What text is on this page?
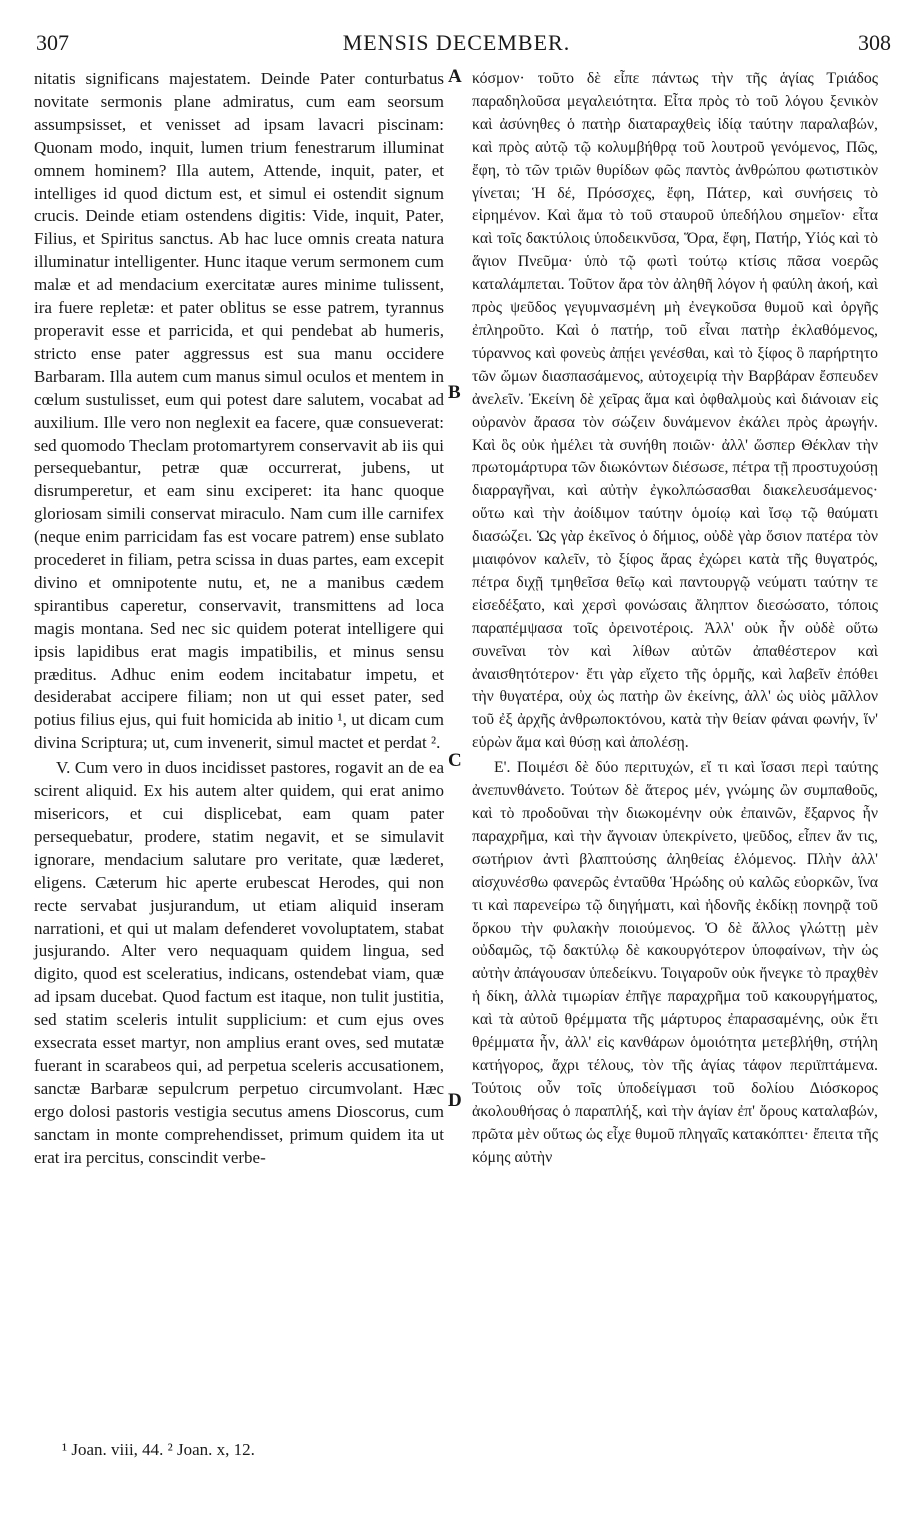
307	MENSIS DECEMBER.	308

nitatis significans majestatem. Deinde Pater conturbatus novitate sermonis plane admiratus, cum eam seorsum assumpsisset, et venisset ad ipsam lavacri piscinam: Quonam modo, inquit, lumen trium fenestrarum illuminat omnem hominem? Illa autem, Attende, inquit, pater, et intelliges id quod dictum est, et simul ei ostendit signum crucis. Deinde etiam ostendens digitis: Vide, inquit, Pater, Filius, et Spiritus sanctus. Ab hac luce omnis creata natura illuminatur intelligenter. Hunc itaque verum sermonem cum malæ et ad mendacium exercitatæ aures minime tulissent, ira fuere repletæ: et pater oblitus se esse patrem, tyrannus properavit esse et parricida, et qui pendebat ab humeris, stricto ense pater aggressus est sua manu occidere Barbaram. Illa autem cum manus simul oculos et mentem in cœlum sustulisset, eum qui potest dare salutem, vocabat ad auxilium. Ille vero non neglexit ea facere, quæ consueverat: sed quomodo Theclam protomartyrem conservavit ab iis qui persequebantur, petræ quæ occurrerat, jubens, ut disrumperetur, et eam sinu exciperet: ita hanc quoque gloriosam simili conservat miraculo. Nam cum ille carnifex (neque enim parricidam fas est vocare patrem) ense sublato procederet in filiam, petra scissa in duas partes, eam excepit divino et omnipotente nutu, et, ne a manibus cædem spirantibus caperetur, conservavit, transmittens ad loca magis montana. Sed nec sic quidem poterat intelligere qui ipsis lapidibus erat magis impatibilis, et minus sensu præditus. Adhuc enim eodem incitabatur impetu, et desiderabat accipere filiam; non ut qui esset pater, sed potius filius ejus, qui fuit homicida ab initio ¹, ut dicam cum divina Scriptura; ut, cum invenerit, simul mactet et perdat ².

V. Cum vero in duos incidisset pastores, rogavit an de ea scirent aliquid. Ex his autem alter quidem, qui erat animo misericors, et cui displicebat, eam quam pater persequebatur, prodere, statim negavit, et se simulavit ignorare, mendacium salutare pro veritate, quæ læderet, eligens. Cæterum hic aperte erubescat Herodes, qui non recte servabat jusjurandum, ut etiam aliquid inseram narrationi, et qui ut malam defenderet vovoluptatem, stabat jusjurando. Alter vero nequaquam quidem lingua, sed digito, quod est sceleratius, indicans, ostendebat viam, quæ ad ipsam ducebat. Quod factum est itaque, non tulit justitia, sed statim sceleris intulit supplicium: et cum ejus oves exsecrata esset martyr, non amplius erant oves, sed mutatæ fuerant in scarabeos qui, ad perpetua sceleris accusationem, sanctæ Barbaræ sepulcrum perpetuo circumvolant. Hæc ergo dolosi pastoris vestigia secutus amens Dioscorus, cum sanctam in monte comprehendisset, primum quidem ita ut erat ira percitus, conscindit verbe-

A
B
C
D

κόσμον· τοῦτο δὲ εἶπε πάντως τὴν τῆς ἁγίας Τριάδος παραδηλοῦσα μεγαλειότητα. Εἶτα πρὸς τὸ τοῦ λόγου ξενικὸν καὶ ἀσύνηθες ὁ πατὴρ διαταραχθεὶς ἰδίᾳ ταύτην παραλαβών, καὶ πρὸς αὐτῷ τῷ κολυμβήθρᾳ τοῦ λουτροῦ γενόμενος, Πῶς, ἔφη, τὸ τῶν τριῶν θυρίδων φῶς παντὸς ἀνθρώπου φωτιστικὸν γίνεται; Ἡ δέ, Πρόσσχες, ἔφη, Πάτερ, καὶ συνήσεις τὸ εἰρημένον. Καὶ ἅμα τὸ τοῦ σταυροῦ ὑπεδήλου σημεῖον· εἶτα καὶ τοῖς δακτύλοις ὑποδεικνῦσα, Ὅρα, ἔφη, Πατήρ, Υἱός καὶ τὸ ἅγιον Πνεῦμα· ὑπὸ τῷ φωτὶ τούτῳ κτίσις πᾶσα νοερῶς καταλάμπεται. Τοῦτον ἄρα τὸν ἀληθῆ λόγον ἡ φαύλη ἀκοή, καὶ πρὸς ψεῦδος γεγυμνασμένη μὴ ἐνεγκοῦσα θυμοῦ καὶ ὀργῆς ἐπληροῦτο. Καὶ ὁ πατήρ, τοῦ εἶναι πατὴρ ἐκλαθόμενος, τύραννος καὶ φονεὺς ἀπῄει γενέσθαι, καὶ τὸ ξίφος ὃ παρήρτητο τῶν ὤμων διασπασάμενος, αὐτοχειρίᾳ τὴν Βαρβάραν ἔσπευδεν ἀνελεῖν. Ἐκείνη δὲ χεῖρας ἅμα καὶ ὀφθαλμοὺς καὶ διάνοιαν εἰς οὐρανὸν ἄρασα τὸν σώζειν δυνάμενον ἐκάλει πρὸς ἀρωγήν. Καὶ ὃς οὐκ ἠμέλει τὰ συνήθη ποιῶν· ἀλλ' ὥσπερ Θέκλαν τὴν πρωτομάρτυρα τῶν διωκόντων διέσωσε, πέτρα τῇ προστυχούσῃ διαρραγῆναι, καὶ αὐτὴν ἐγκολπώσασθαι διακελευσάμενος· οὕτω καὶ τὴν ἀοίδιμον ταύτην ὁμοίῳ καὶ ἴσῳ τῷ θαύματι διασώζει. Ὡς γὰρ ἐκεῖνος ὁ δήμιος, οὐδὲ γὰρ ὅσιον πατέρα τὸν μιαιφόνον καλεῖν, τὸ ξίφος ἄρας ἐχώρει κατὰ τῆς θυγατρός, πέτρα διχῇ τμηθεῖσα θεῖῳ καὶ παντουργῷ νεύματι ταύτην τε εἰσεδέξατο, καὶ χερσὶ φονώσαις ἄληπτον διεσώσατο, τόποις παραπέμψασα τοῖς ὀρεινοτέροις. Ἀλλ' οὐκ ἦν οὐδὲ οὕτω συνεῖναι τὸν καὶ λίθων αὐτῶν ἀπαθέστερον καὶ ἀναισθητότερον· ἔτι γὰρ εἴχετο τῆς ὁρμῆς, καὶ λαβεῖν ἐπόθει τὴν θυγατέρα, οὐχ ὡς πατὴρ ὢν ἐκείνης, ἀλλ' ὡς υἱὸς μᾶλλον τοῦ ἐξ ἀρχῆς ἀνθρωποκτόνου, κατὰ τὴν θείαν φάναι φωνήν, ἵν' εὑρὼν ἅμα καὶ θύσῃ καὶ ἀπολέσῃ.

Ε'. Ποιμέσι δὲ δύο περιτυχών, εἴ τι καὶ ἴσασι περὶ ταύτης ἀνεπυνθάνετο. Τούτων δὲ ἅτερος μέν, γνώμης ὢν συμπαθοῦς, καὶ τὸ προδοῦναι τὴν διωκομένην οὐκ ἐπαινῶν, ἔξαρνος ἦν παραχρῆμα, καὶ τὴν ἄγνοιαν ὑπεκρίνετο, ψεῦδος, εἶπεν ἄν τις, σωτήριον ἀντὶ βλαπτούσης ἀληθείας ἑλόμενος. Πλὴν ἀλλ' αἰσχυνέσθω φανερῶς ἐνταῦθα Ἡρώδης οὐ καλῶς εὐορκῶν, ἵνα τι καὶ παρενείρω τῷ διηγήματι, καὶ ἡδονῆς ἐκδίκῃ πονηρᾷ τοῦ ὅρκου τὴν φυλακὴν ποιούμενος. Ὁ δὲ ἄλλος γλώττῃ μὲν οὐδαμῶς, τῷ δακτύλῳ δὲ κακουργότερον ὑποφαίνων, τὴν ὡς αὐτὴν ἀπάγουσαν ὑπεδείκνυ. Τοιγαροῦν οὐκ ἤνεγκε τὸ πραχθὲν ἡ δίκη, ἀλλὰ τιμωρίαν ἐπῆγε παραχρῆμα τοῦ κακουργήματος, καὶ τὰ αὐτοῦ θρέμματα τῆς μάρτυρος ἐπαρασαμένης, οὐκ ἔτι θρέμματα ἦν, ἀλλ' εἰς κανθάρων ὁμοιότητα μετεβλήθη, στήλη κατήγορος, ἄχρι τέλους, τὸν τῆς ἁγίας τάφον περιϊπτάμενα. Τούτοις οὖν τοῖς ὑποδείγμασι τοῦ δολίου Διόσκορος ἀκολουθήσας ὁ παραπλήξ, καὶ τὴν ἁγίαν ἐπ' ὄρους καταλαβών, πρῶτα μὲν οὕτως ὡς εἶχε θυμοῦ πληγαῖς κατακόπτει· ἔπειτα τῆς κόμης αὐτὴν

¹ Joan. viii, 44. ² Joan. x, 12.
